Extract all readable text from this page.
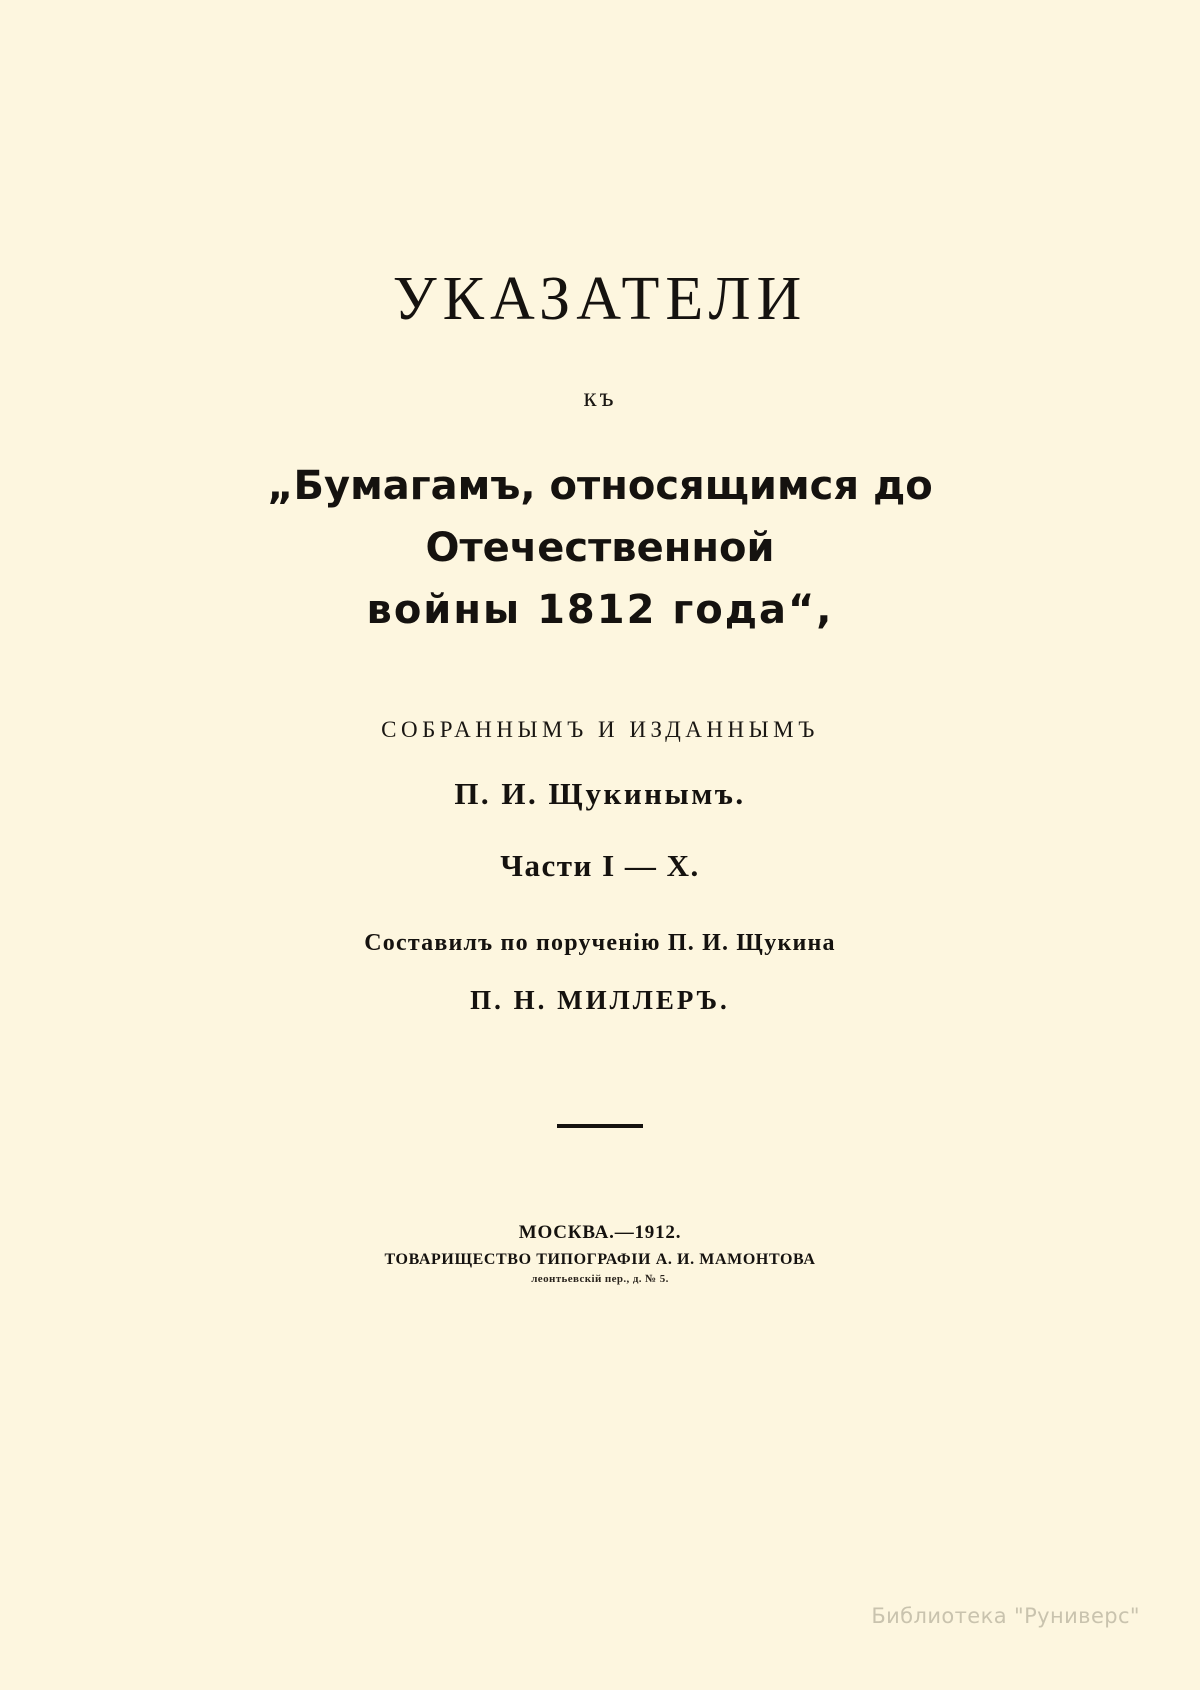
УКАЗАТЕЛИ
къ
„Бумагамъ, относящимся до Отечественной
войны 1812 года“,
СОБРАННЫМЪ И ИЗДАННЫМЪ
П. И. Щукинымъ.
Части I — X.
Составилъ по порученію П. И. Щукина
П. Н. МИЛЛЕРЪ.
МОСКВА.—1912.
ТОВАРИЩЕСТВО ТИПОГРАФІИ А. И. МАМОНТОВА
леонтьевскій пер., д. № 5.
Библиотека "Руниверс"
